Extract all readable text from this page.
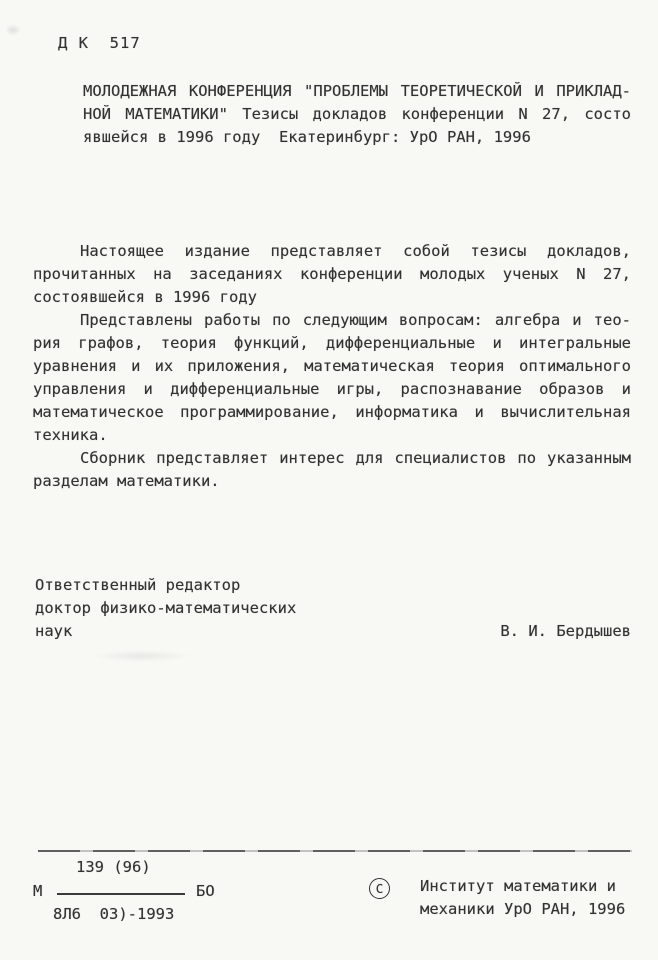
Д К  517
МОЛОДЕЖНАЯ КОНФЕРЕНЦИЯ "ПРОБЛЕМЫ ТЕОРЕТИЧЕСКОЙ И ПРИКЛАД-
НОЙ МАТЕМАТИКИ" Тезисы докладов конференции N 27, состо
явшейся в 1996 году  Екатеринбург: УрО РАН, 1996
Настоящее издание представляет собой тезисы докладов,
прочитанных на заседаниях конференции молодых ученых N 27,
состоявшейся в 1996 году
Представлены работы по следующим вопросам: алгебра и тео-
рия графов, теория функций, дифференциальные и интегральные
уравнения и их приложения, математическая теория оптимального
управления и дифференциальные игры, распознавание образов и
математическое программирование, информатика и вычислительная
техника.
Сборник представляет интерес для специалистов по указанным
разделам математики.
Ответственный редактор
доктор физико-математических
наук	В. И. Бердышев
139 (96)
М	БО
8Л6  03)-1993
С	Институт математики и
механики УрО РАН, 1996
